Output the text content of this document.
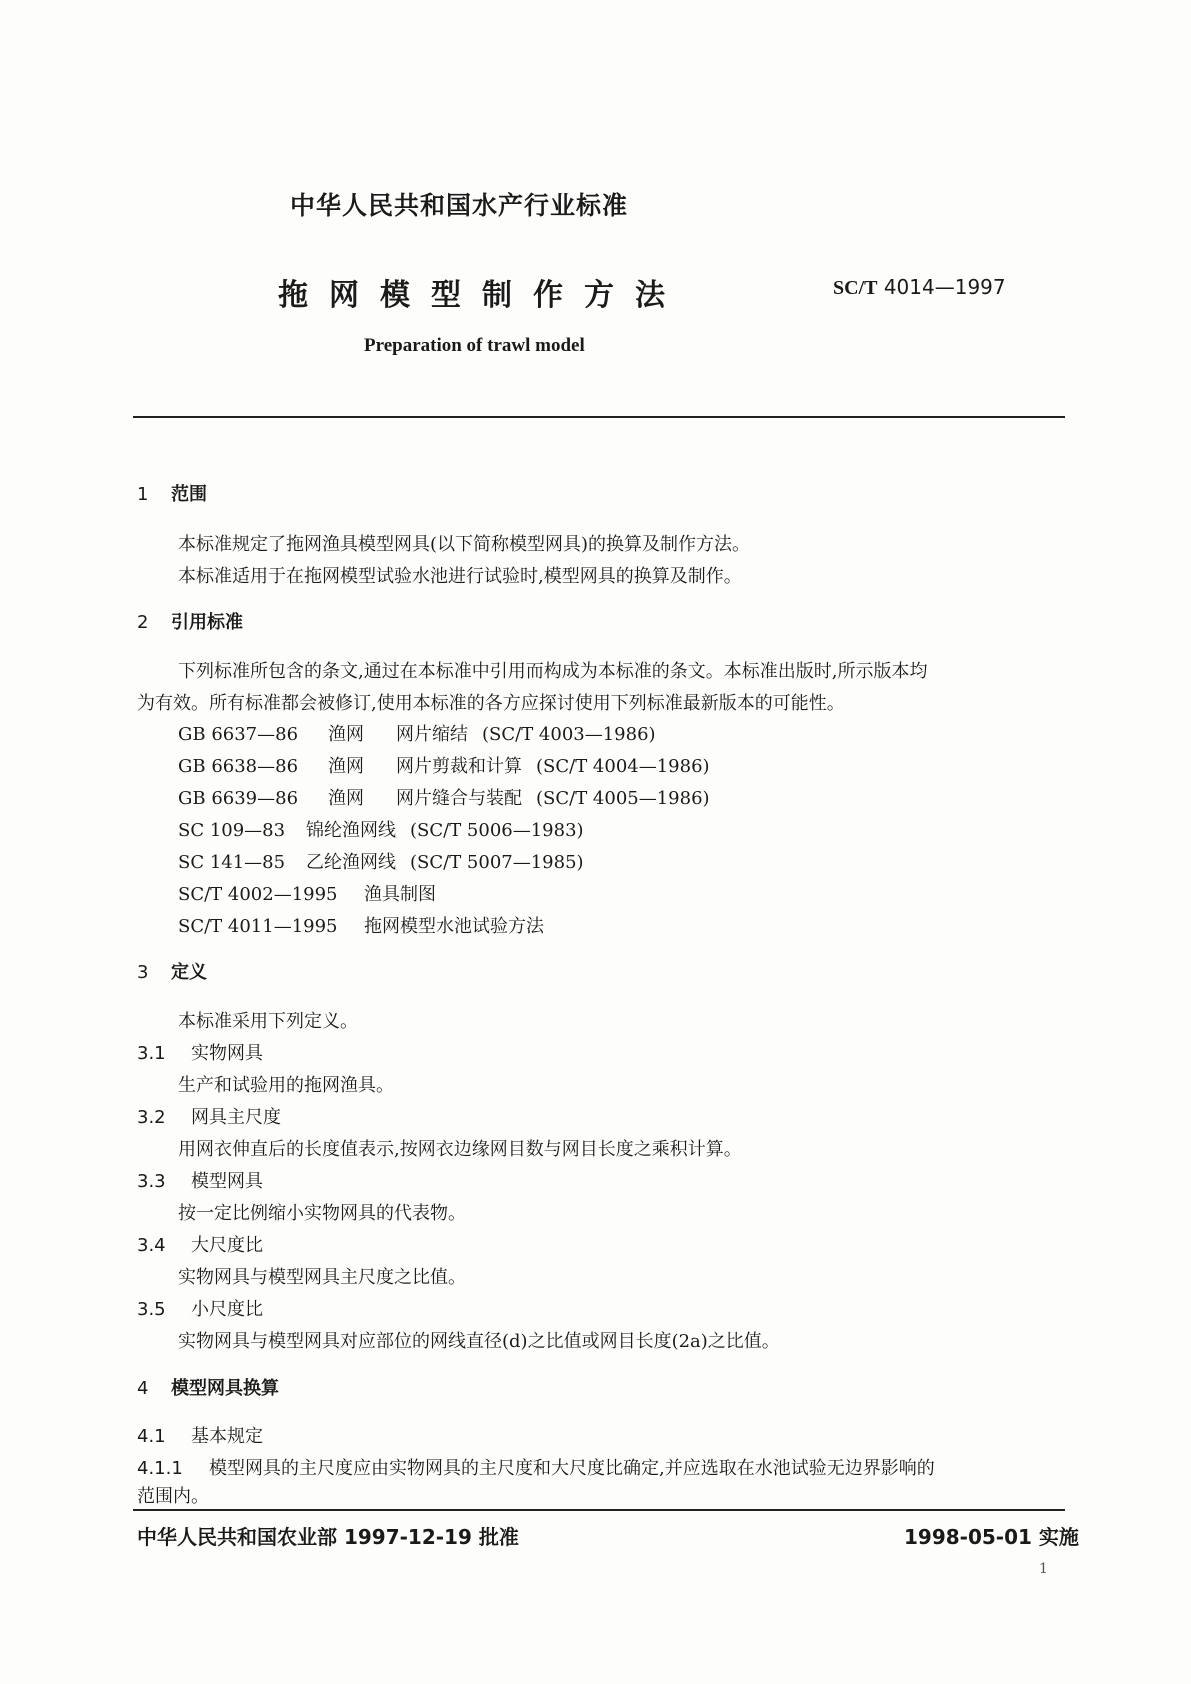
中华人民共和国水产行业标准
拖网模型制作方法	SC/T 4014—1997
Preparation of trawl model
1 范围
本标准规定了拖网渔具模型网具(以下简称模型网具)的换算及制作方法。
本标准适用于在拖网模型试验水池进行试验时,模型网具的换算及制作。
2 引用标准
下列标准所包含的条文,通过在本标准中引用而构成为本标准的条文。本标准出版时,所示版本均
为有效。所有标准都会被修订,使用本标准的各方应探讨使用下列标准最新版本的可能性。
GB 6637—86 渔网 网片缩结 (SC/T 4003—1986)
GB 6638—86 渔网 网片剪裁和计算 (SC/T 4004—1986)
GB 6639—86 渔网 网片缝合与装配 (SC/T 4005—1986)
SC 109—83 锦纶渔网线 (SC/T 5006—1983)
SC 141—85 乙纶渔网线 (SC/T 5007—1985)
SC/T 4002—1995 渔具制图
SC/T 4011—1995 拖网模型水池试验方法
3 定义
本标准采用下列定义。
3.1 实物网具
生产和试验用的拖网渔具。
3.2 网具主尺度
用网衣伸直后的长度值表示,按网衣边缘网目数与网目长度之乘积计算。
3.3 模型网具
按一定比例缩小实物网具的代表物。
3.4 大尺度比
实物网具与模型网具主尺度之比值。
3.5 小尺度比
实物网具与模型网具对应部位的网线直径(d)之比值或网目长度(2a)之比值。
4 模型网具换算
4.1 基本规定
4.1.1 模型网具的主尺度应由实物网具的主尺度和大尺度比确定,并应选取在水池试验无边界影响的
范围内。
中华人民共和国农业部 1997-12-19 批准	1998-05-01 实施
1
